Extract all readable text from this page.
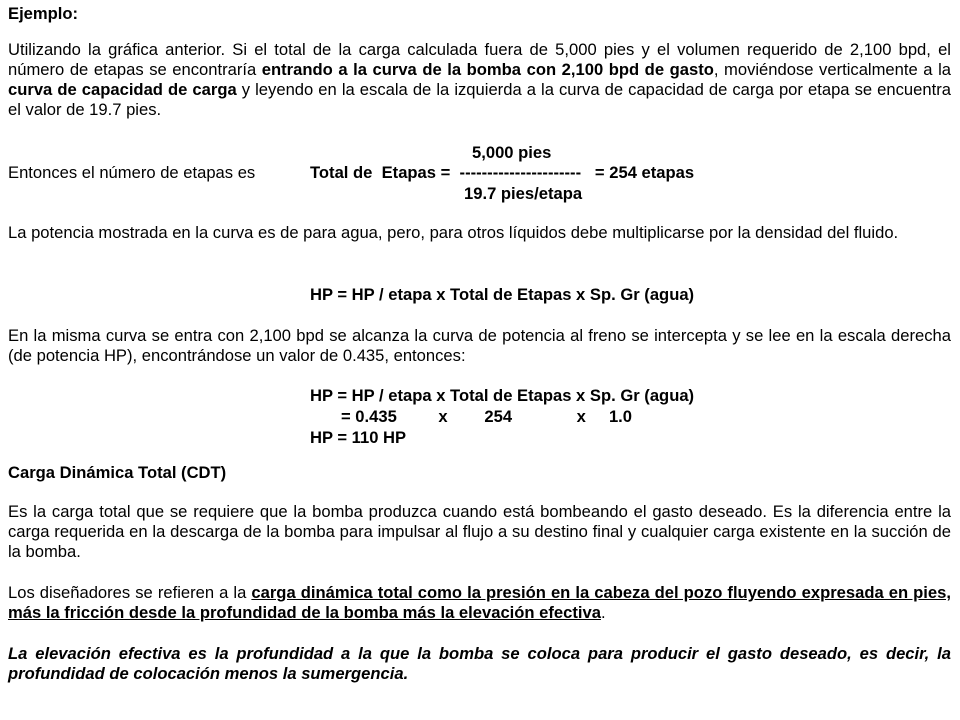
Ejemplo:
Utilizando la gráfica anterior. Si el total de la carga calculada fuera de 5,000 pies y el volumen requerido de 2,100 bpd, el número de etapas se encontraría entrando a la curva de la bomba con 2,100 bpd de gasto, moviéndose verticalmente a la curva de capacidad de carga y leyendo en la escala de la izquierda a la curva de capacidad de carga por etapa se encuentra el valor de 19.7 pies.
5,000 pies

Entonces el número de etapas es

	Total de  Etapas =  ----------------------   = 254 etapas

19.7 pies/etapa
La potencia mostrada en la curva es de para agua, pero, para otros líquidos debe multiplicarse por la densidad del fluido.
HP = HP / etapa x Total de Etapas x Sp. Gr (agua)
En la misma curva se entra con 2,100 bpd se alcanza la curva de potencia al freno se intercepta y se lee en la escala derecha (de potencia HP), encontrándose un valor de 0.435, entonces:
HP = HP / etapa x Total de Etapas x Sp. Gr (agua)
= 0.435         x        254              x     1.0
HP = 110 HP
Carga Dinámica Total (CDT)
Es la carga total que se requiere que la bomba produzca cuando está bombeando el gasto deseado. Es la diferencia entre la carga requerida en la descarga de la bomba para impulsar al flujo a su destino final y cualquier carga existente en la succión de la bomba.
Los diseñadores se refieren a la carga dinámica total como la presión en la cabeza del pozo fluyendo expresada en pies, más la fricción desde la profundidad de la bomba más la elevación efectiva.
La elevación efectiva es la profundidad a la que la bomba se coloca para producir el gasto deseado, es decir, la profundidad de colocación menos la sumergencia.
